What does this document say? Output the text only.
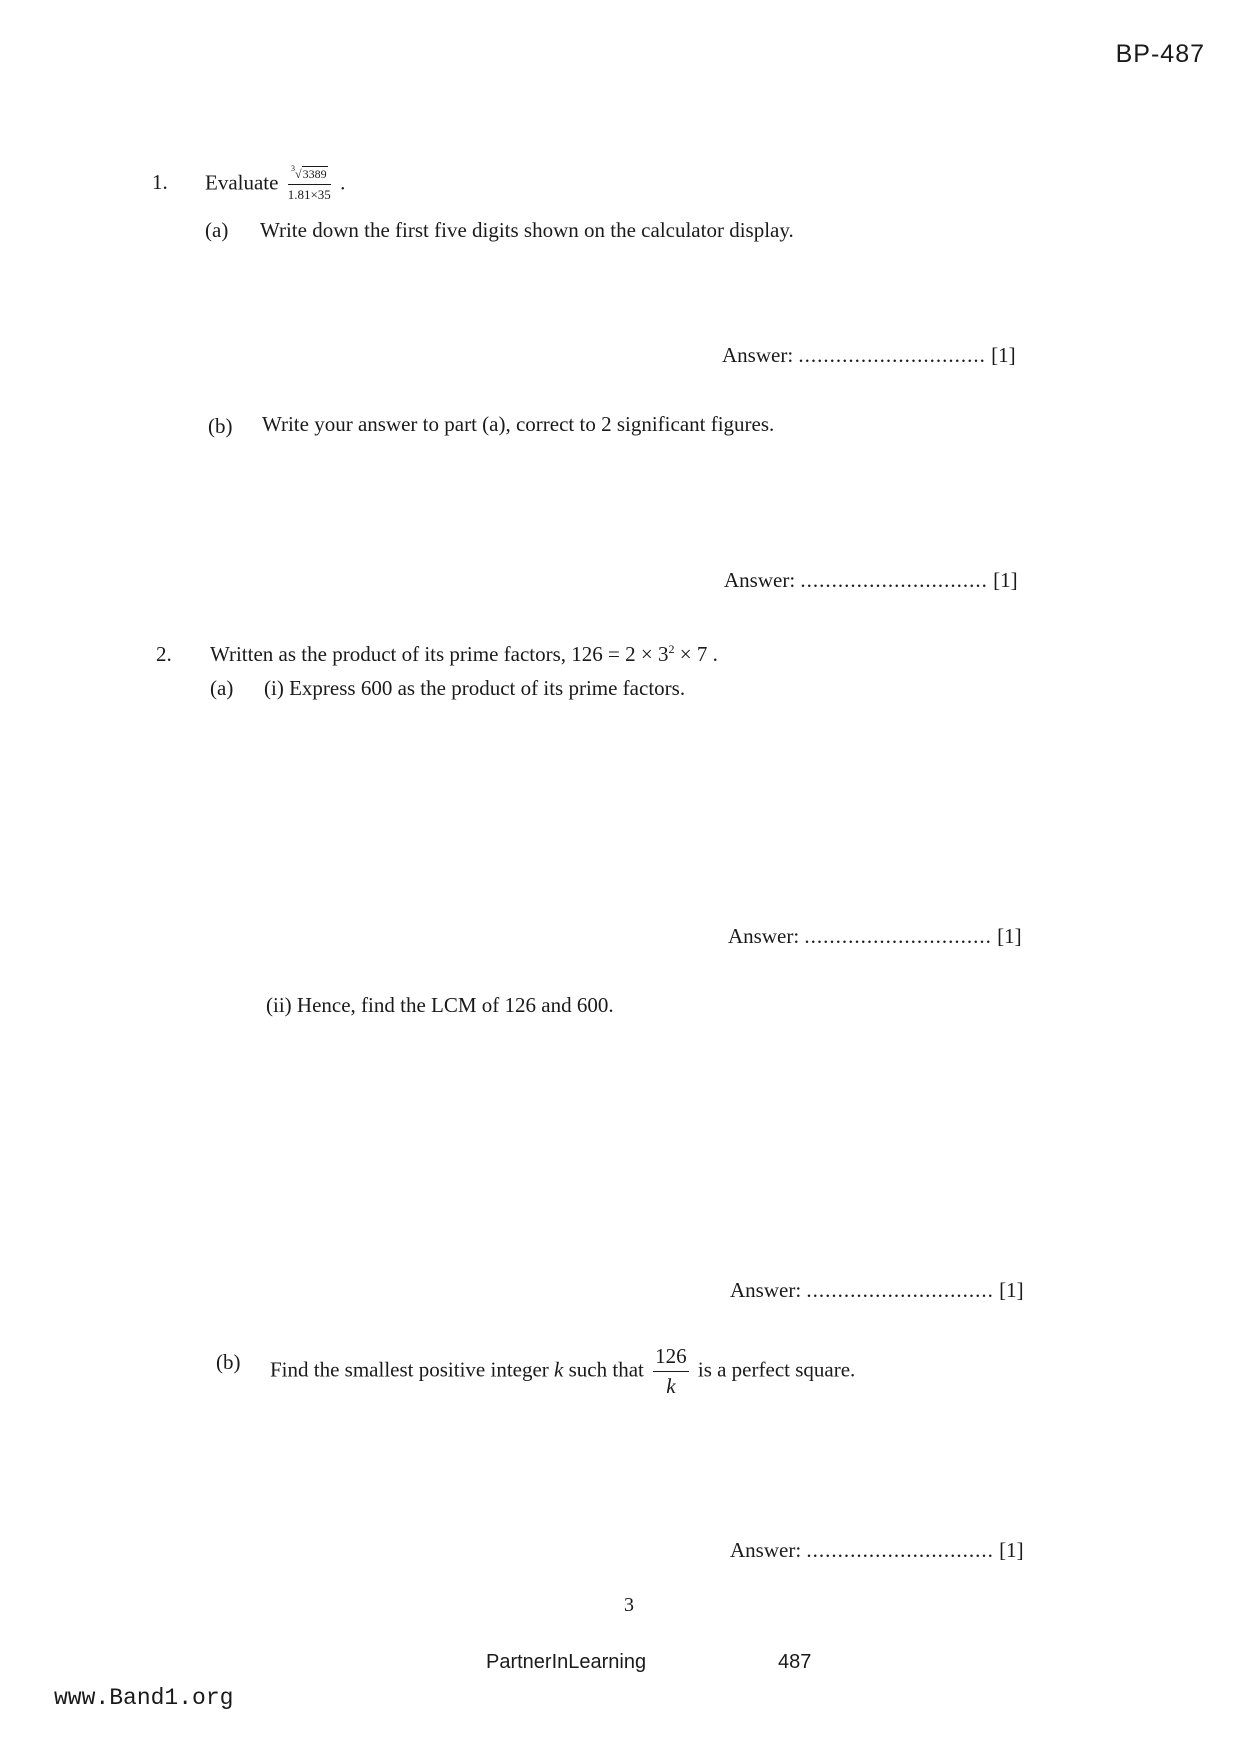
BP-487
1. Evaluate $\frac{^3√3389}{1.81\times 35}$ .
(a) Write down the first five digits shown on the calculator display.
Answer: .............................. [1]
(b) Write your answer to part (a), correct to 2 significant figures.
Answer: .............................. [1]
2. Written as the product of its prime factors, $126 = 2 \times 3^2 \times 7$ .
(a) (i) Express 600 as the product of its prime factors.
Answer: .............................. [1]
(ii) Hence, find the LCM of 126 and 600.
Answer: .............................. [1]
(b) Find the smallest positive integer k such that $\frac{126}{k}$ is a perfect square.
Answer: .............................. [1]
3
PartnerInLearning	487
www.Band1.org
